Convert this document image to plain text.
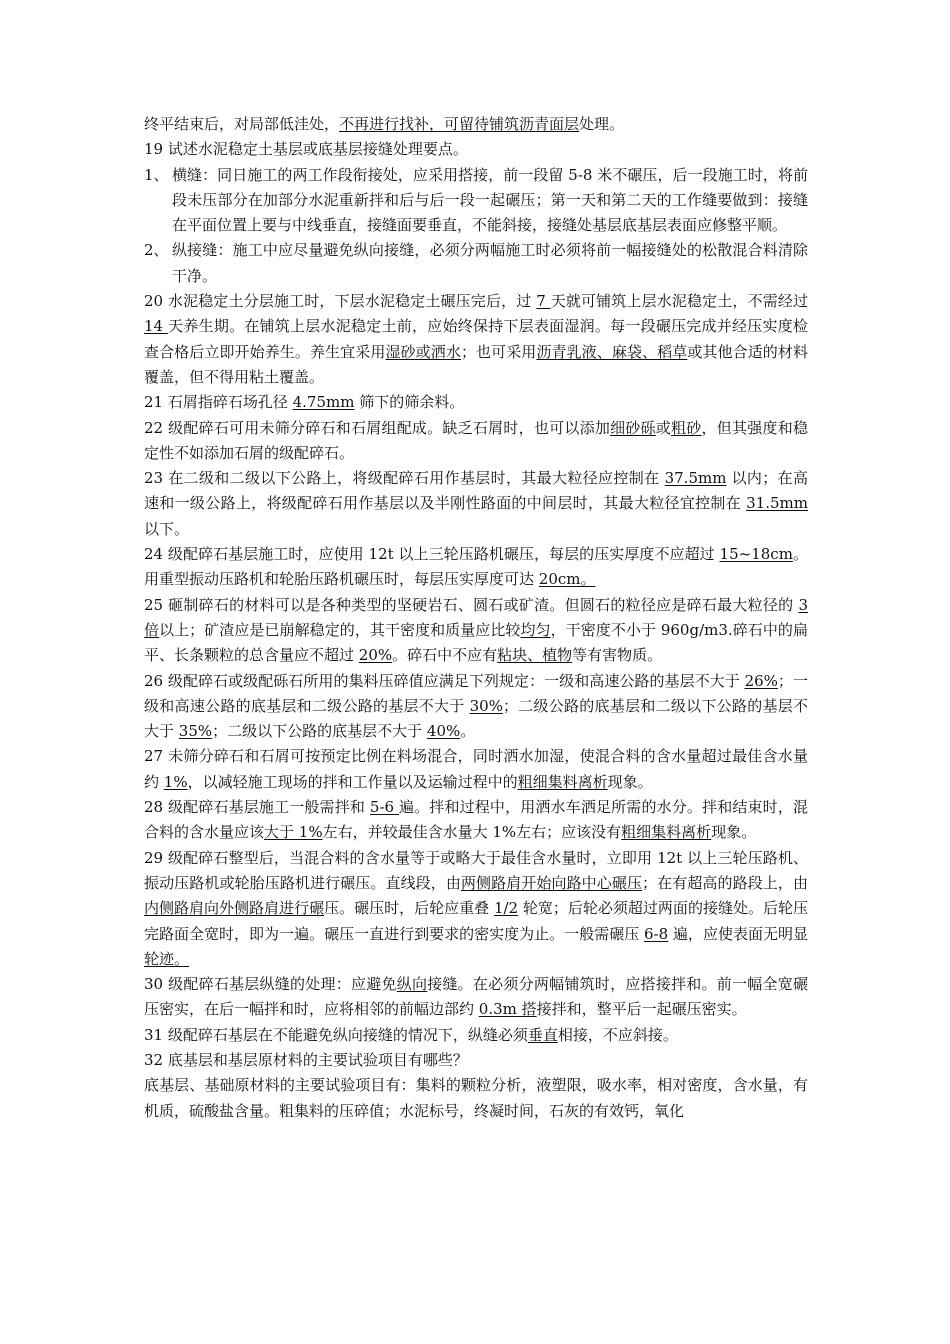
终平结束后，对局部低洼处，不再进行找补，可留待铺筑沥青面层处理。
19 试述水泥稳定土基层或底基层接缝处理要点。
1、 横缝：同日施工的两工作段衔接处，应采用搭接，前一段留 5-8 米不碾压，后一段施工时，将前段未压部分在加部分水泥重新拌和后与后一段一起碾压；第一天和第二天的工作缝要做到：接缝在平面位置上要与中线垂直，接缝面要垂直，不能斜接，接缝处基层底基层表面应修整平顺。
2、 纵接缝：施工中应尽量避免纵向接缝，必须分两幅施工时必须将前一幅接缝处的松散混合料清除干净。
20 水泥稳定土分层施工时，下层水泥稳定土碾压完后，过 7 天就可铺筑上层水泥稳定土，不需经过 14 天养生期。在铺筑上层水泥稳定土前，应始终保持下层表面湿润。每一段碾压完成并经压实度检查合格后立即开始养生。养生宜采用湿砂或洒水；也可采用沥青乳液、麻袋、稻草或其他合适的材料覆盖，但不得用粘土覆盖。
21 石屑指碎石场孔径 4.75mm 筛下的筛余料。
22 级配碎石可用未筛分碎石和石屑组配成。缺乏石屑时，也可以添加细砂砾或粗砂，但其强度和稳定性不如添加石屑的级配碎石。
23 在二级和二级以下公路上，将级配碎石用作基层时，其最大粒径应控制在 37.5mm 以内；在高速和一级公路上，将级配碎石用作基层以及半刚性路面的中间层时，其最大粒径宜控制在 31.5mm 以下。
24 级配碎石基层施工时，应使用 12t 以上三轮压路机碾压，每层的压实厚度不应超过 15~18cm。用重型振动压路机和轮胎压路机碾压时，每层压实厚度可达 20cm。
25 砸制碎石的材料可以是各种类型的坚硬岩石、圆石或矿渣。但圆石的粒径应是碎石最大粒径的 3 倍以上；矿渣应是已崩解稳定的，其干密度和质量应比较均匀，干密度不小于 960g/m3.碎石中的扁平、长条颗粒的总含量应不超过 20%。碎石中不应有粘块、植物等有害物质。
26 级配碎石或级配砾石所用的集料压碎值应满足下列规定：一级和高速公路的基层不大于 26%；一级和高速公路的底基层和二级公路的基层不大于 30%；二级公路的底基层和二级以下公路的基层不大于 35%；二级以下公路的底基层不大于 40%。
27 未筛分碎石和石屑可按预定比例在料场混合，同时洒水加湿，使混合料的含水量超过最佳含水量约 1%，以减轻施工现场的拌和工作量以及运输过程中的粗细集料离析现象。
28 级配碎石基层施工一般需拌和 5-6 遍。拌和过程中，用洒水车洒足所需的水分。拌和结束时，混合料的含水量应该大于 1%左右，并较最佳含水量大 1%左右；应该没有粗细集料离析现象。
29 级配碎石整型后，当混合料的含水量等于或略大于最佳含水量时，立即用 12t 以上三轮压路机、振动压路机或轮胎压路机进行碾压。直线段，由两侧路肩开始向路中心碾压；在有超高的路段上，由内侧路肩向外侧路肩进行碾压。碾压时，后轮应重叠 1/2 轮宽；后轮必须超过两面的接缝处。后轮压完路面全宽时，即为一遍。碾压一直进行到要求的密实度为止。一般需碾压 6-8 遍，应使表面无明显轮迹。
30 级配碎石基层纵缝的处理：应避免纵向接缝。在必须分两幅铺筑时，应搭接拌和。前一幅全宽碾压密实，在后一幅拌和时，应将相邻的前幅边部约 0.3m 搭接拌和，整平后一起碾压密实。
31 级配碎石基层在不能避免纵向接缝的情况下，纵缝必须垂直相接，不应斜接。
32 底基层和基层原材料的主要试验项目有哪些？
底基层、基础原材料的主要试验项目有：集料的颗粒分析，液塑限，吸水率，相对密度，含水量，有机质，硫酸盐含量。粗集料的压碎值；水泥标号，终凝时间，石灰的有效钙，氧化
